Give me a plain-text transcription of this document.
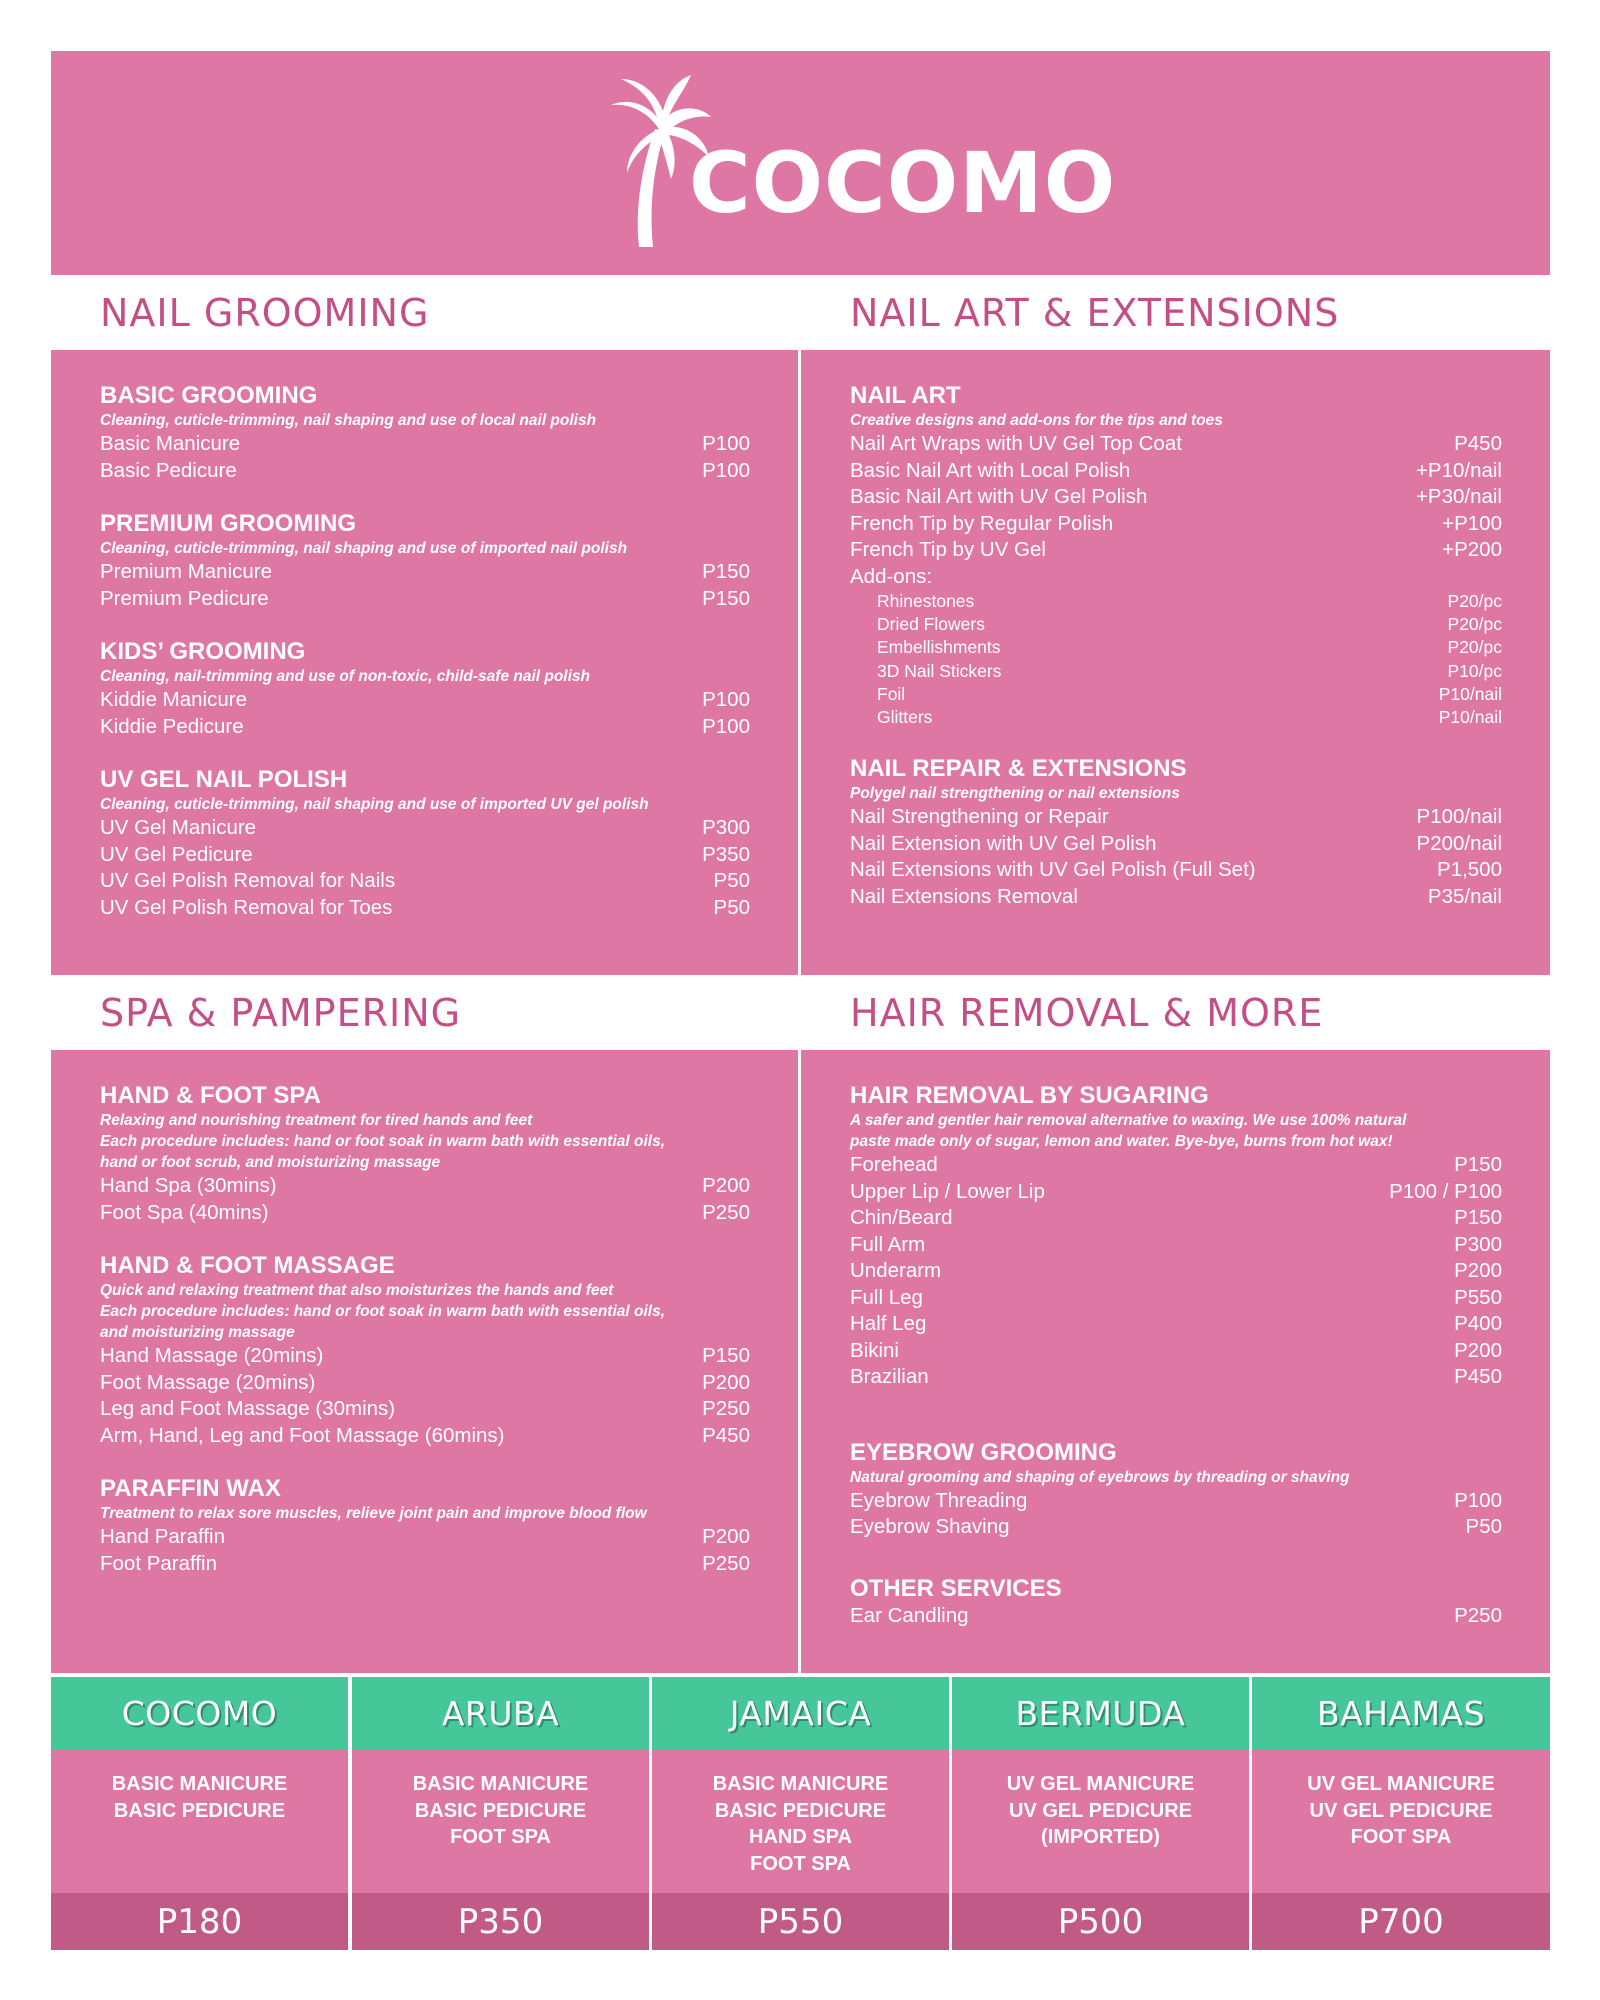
COCOMO
NAIL GROOMING	NAIL ART & EXTENSIONS
BASIC GROOMING
Cleaning, cuticle-trimming, nail shaping and use of local nail polish
Basic Manicure	P100
Basic Pedicure	P100
PREMIUM GROOMING
Cleaning, cuticle-trimming, nail shaping and use of imported nail polish
Premium Manicure	P150
Premium Pedicure	P150
KIDS’ GROOMING
Cleaning, nail-trimming and use of non-toxic, child-safe nail polish
Kiddie Manicure	P100
Kiddie Pedicure	P100
UV GEL NAIL POLISH
Cleaning, cuticle-trimming, nail shaping and use of imported UV gel polish
UV Gel Manicure	P300
UV Gel Pedicure	P350
UV Gel Polish Removal for Nails	P50
UV Gel Polish Removal for Toes	P50
NAIL ART
Creative designs and add-ons for the tips and toes
Nail Art Wraps with UV Gel Top Coat	P450
Basic Nail Art with Local Polish	+P10/nail
Basic Nail Art with UV Gel Polish	+P30/nail
French Tip by Regular Polish	+P100
French Tip by UV Gel	+P200
Add-ons:
Rhinestones	P20/pc
Dried Flowers	P20/pc
Embellishments	P20/pc
3D Nail Stickers	P10/pc
Foil	P10/nail
Glitters	P10/nail
NAIL REPAIR & EXTENSIONS
Polygel nail strengthening or nail extensions
Nail Strengthening or Repair	P100/nail
Nail Extension with UV Gel Polish	P200/nail
Nail Extensions with UV Gel Polish (Full Set)	P1,500
Nail Extensions Removal	P35/nail
SPA & PAMPERING	HAIR REMOVAL & MORE
HAND & FOOT SPA
Relaxing and nourishing treatment for tired hands and feet
Each procedure includes: hand or foot soak in warm bath with essential oils,
hand or foot scrub, and moisturizing massage
Hand Spa (30mins)	P200
Foot Spa (40mins)	P250
HAND & FOOT MASSAGE
Quick and relaxing treatment that also moisturizes the hands and feet
Each procedure includes: hand or foot soak in warm bath with essential oils,
and moisturizing massage
Hand Massage (20mins)	P150
Foot Massage (20mins)	P200
Leg and Foot Massage (30mins)	P250
Arm, Hand, Leg and Foot Massage (60mins)	P450
PARAFFIN WAX
Treatment to relax sore muscles, relieve joint pain and improve blood flow
Hand Paraffin	P200
Foot Paraffin	P250
HAIR REMOVAL BY SUGARING
A safer and gentler hair removal alternative to waxing. We use 100% natural
paste made only of sugar, lemon and water. Bye-bye, burns from hot wax!
Forehead	P150
Upper Lip / Lower Lip	P100 / P100
Chin/Beard	P150
Full Arm	P300
Underarm	P200
Full Leg	P550
Half Leg	P400
Bikini	P200
Brazilian	P450
EYEBROW GROOMING
Natural grooming and shaping of eyebrows by threading or shaving
Eyebrow Threading	P100
Eyebrow Shaving	P50
OTHER SERVICES
Ear Candling	P250
COCOMO
BASIC MANICURE
BASIC PEDICURE
P180
ARUBA
BASIC MANICURE
BASIC PEDICURE
FOOT SPA
P350
JAMAICA
BASIC MANICURE
BASIC PEDICURE
HAND SPA
FOOT SPA
P550
BERMUDA
UV GEL MANICURE
UV GEL PEDICURE
(IMPORTED)
P500
BAHAMAS
UV GEL MANICURE
UV GEL PEDICURE
FOOT SPA
P700
